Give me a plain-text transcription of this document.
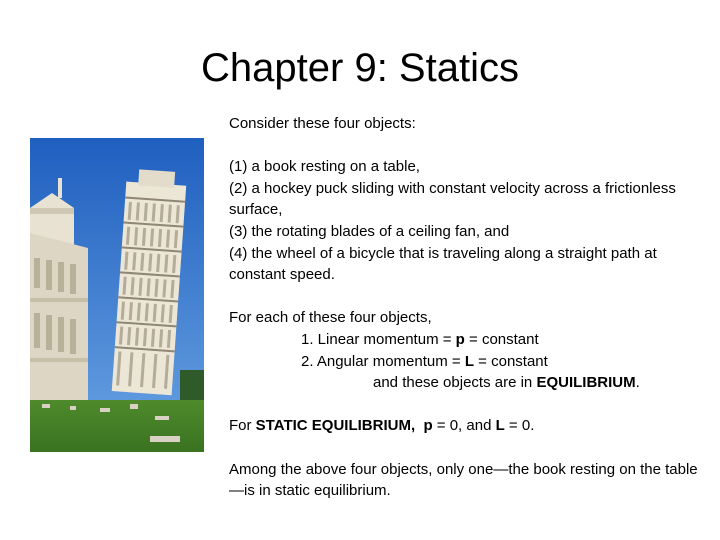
Chapter 9: Statics

Consider these four objects:

(1) a book resting on a table,

(2) a hockey puck sliding with constant velocity across a frictionless surface,

(3) the rotating blades of a ceiling fan, and

(4) the wheel of a bicycle that is traveling along a straight path at constant speed.

For each of these four objects,

1. Linear momentum = p = constant

2. Angular momentum = L = constant

and these objects are in EQUILIBRIUM.

For STATIC EQUILIBRIUM, p = 0, and L = 0.

Among the above four objects, only one—the book resting on the table—is in static equilibrium.
